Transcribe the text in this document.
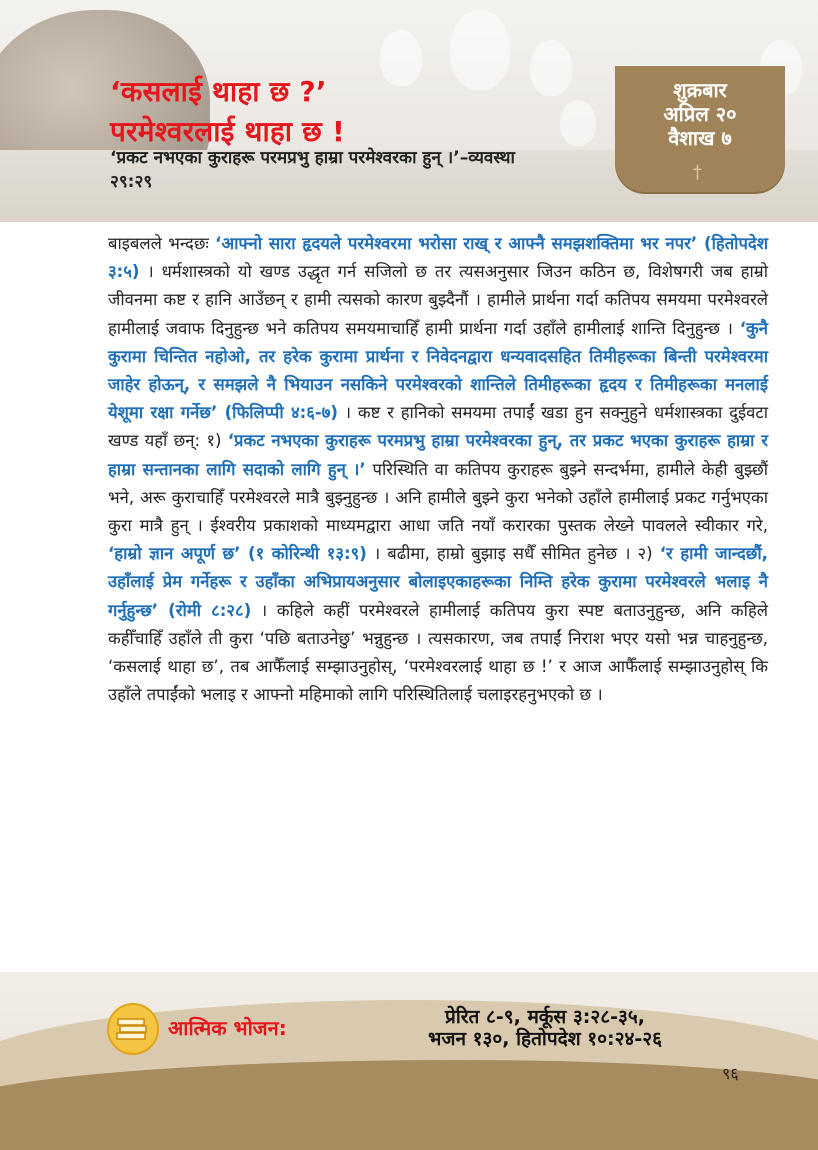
‘कसलाई थाहा छ ?’
परमेश्वरलाई थाहा छ !

‘प्रकट नभएका कुराहरू परमप्रभु हाम्रा परमेश्वरका हुन् ।’–व्यवस्था २९:२९

शुक्रबार
अप्रिल २०
वैशाख ७
†

बाइबलले भन्दछः ‘आफ्नो सारा हृदयले परमेश्वरमा भरोसा राख् र आफ्नै समझशक्तिमा भर नपर’ (हितोपदेश ३:५) । धर्मशास्त्रको यो खण्ड उद्धृत गर्न सजिलो छ तर त्यसअनुसार जिउन कठिन छ, विशेषगरी जब हाम्रो जीवनमा कष्ट र हानि आउँछन् र हामी त्यसको कारण बुझ्दैनौं । हामीले प्रार्थना गर्दा कतिपय समयमा परमेश्वरले हामीलाई जवाफ दिनुहुन्छ भने कतिपय समयमाचाहिँ हामी प्रार्थना गर्दा उहाँले हामीलाई शान्ति दिनुहुन्छ । ‘कुनै कुरामा चिन्तित नहोओ, तर हरेक कुरामा प्रार्थना र निवेदनद्वारा धन्यवादसहित तिमीहरूका बिन्ती परमेश्वरमा जाहेर होऊन्, र समझले नै भियाउन नसकिने परमेश्वरको शान्तिले तिमीहरूका हृदय र तिमीहरूका मनलाई येशूमा रक्षा गर्नेछ’ (फिलिप्पी ४:६-७) । कष्ट र हानिको समयमा तपाईं खडा हुन सक्नुहुने धर्मशास्त्रका दुईवटा खण्ड यहाँ छन्: १) ‘प्रकट नभएका कुराहरू परमप्रभु हाम्रा परमेश्वरका हुन्, तर प्रकट भएका कुराहरू हाम्रा र हाम्रा सन्तानका लागि सदाको लागि हुन् ।’ परिस्थिति वा कतिपय कुराहरू बुझ्ने सन्दर्भमा, हामीले केही बुझ्छौं भने, अरू कुराचाहिँ परमेश्वरले मात्रै बुझ्नुहुन्छ । अनि हामीले बुझ्ने कुरा भनेको उहाँले हामीलाई प्रकट गर्नुभएका कुरा मात्रै हुन् । ईश्वरीय प्रकाशको माध्यमद्वारा आधा जति नयाँ करारका पुस्तक लेख्ने पावलले स्वीकार गरे, ‘हाम्रो ज्ञान अपूर्ण छ’ (१ कोरिन्थी १३:९) । बढीमा, हाम्रो बुझाइ सधैँ सीमित हुनेछ । २) ‘र हामी जान्दछौं, उहाँलाई प्रेम गर्नेहरू र उहाँका अभिप्रायअनुसार बोलाइएकाहरूका निम्ति हरेक कुरामा परमेश्वरले भलाइ नै गर्नुहुन्छ’ (रोमी ८:२८) । कहिले कहीं परमेश्वरले हामीलाई कतिपय कुरा स्पष्ट बताउनुहुन्छ, अनि कहिले कहीँचाहिँ उहाँले ती कुरा ‘पछि बताउनेछु’ भन्नुहुन्छ । त्यसकारण, जब तपाईं निराश भएर यसो भन्न चाहनुहुन्छ, ‘कसलाई थाहा छ’, तब आफैँलाई सम्झाउनुहोस्, ‘परमेश्वरलाई थाहा छ !’ र आज आफैँलाई सम्झाउनुहोस् कि उहाँले तपाईंको भलाइ र आफ्नो महिमाको लागि परिस्थितिलाई चलाइरहनुभएको छ ।

आत्मिक भोजन:	प्रेरित ८-९, मर्कूस ३:२८-३५,
भजन १३०, हितोपदेश १०:२४-२६
९६
